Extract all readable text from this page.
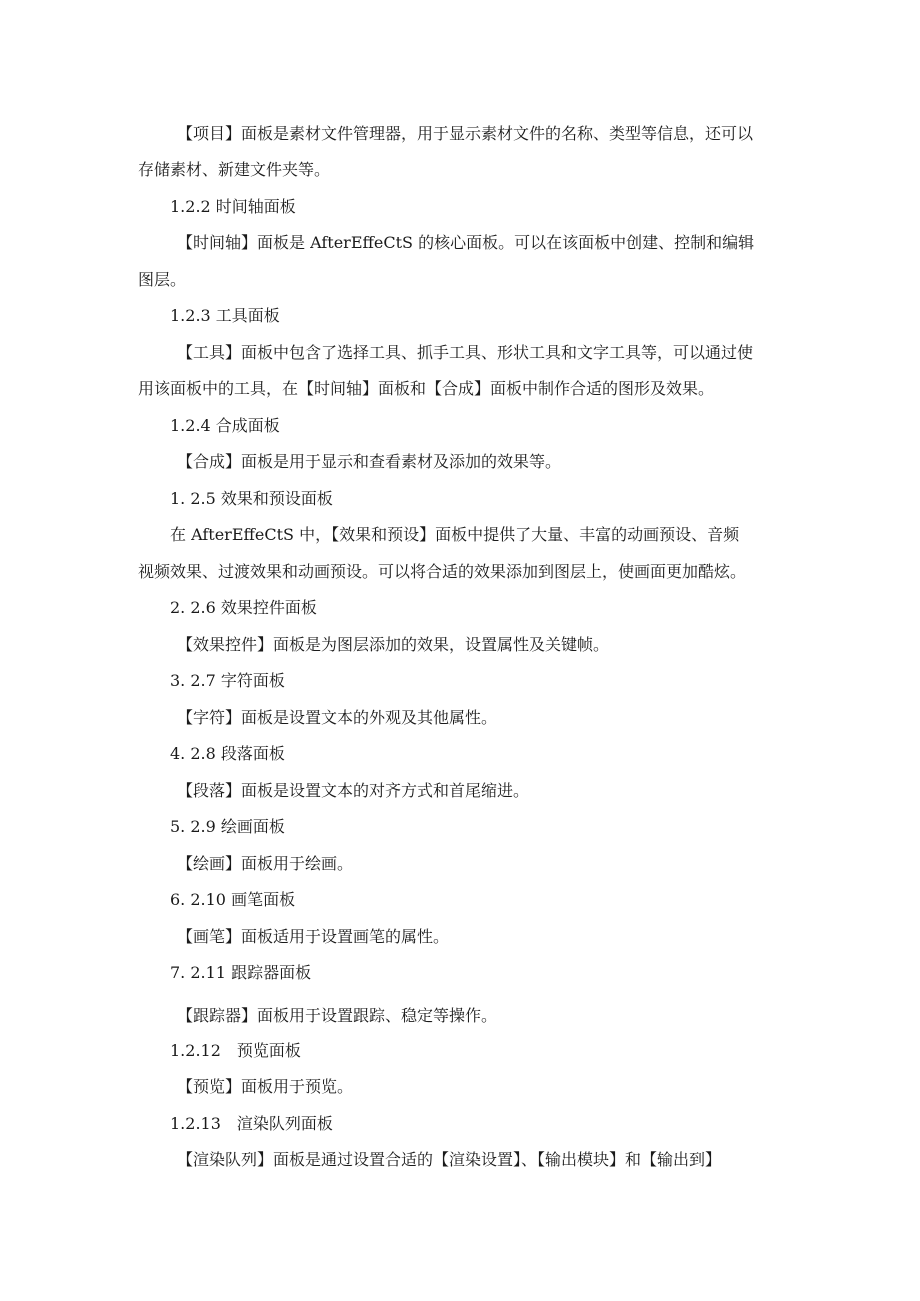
【项目】面板是素材文件管理器，用于显示素材文件的名称、类型等信息，还可以
存储素材、新建文件夹等。
1.2.2 时间轴面板
【时间轴】面板是 AfterEffeCtS 的核心面板。可以在该面板中创建、控制和编辑
图层。
1.2.3 工具面板
【工具】面板中包含了选择工具、抓手工具、形状工具和文字工具等，可以通过使
用该面板中的工具，在【时间轴】面板和【合成】面板中制作合适的图形及效果。
1.2.4 合成面板
【合成】面板是用于显示和查看素材及添加的效果等。
1. 2.5 效果和预设面板
在 AfterEffeCtS 中，【效果和预设】面板中提供了大量、丰富的动画预设、音频
视频效果、过渡效果和动画预设。可以将合适的效果添加到图层上，使画面更加酷炫。
2. 2.6 效果控件面板
【效果控件】面板是为图层添加的效果，设置属性及关键帧。
3. 2.7 字符面板
【字符】面板是设置文本的外观及其他属性。
4. 2.8 段落面板
【段落】面板是设置文本的对齐方式和首尾缩进。
5. 2.9 绘画面板
【绘画】面板用于绘画。
6. 2.10 画笔面板
【画笔】面板适用于设置画笔的属性。
7. 2.11 跟踪器面板
【跟踪器】面板用于设置跟踪、稳定等操作。
1.2.12　预览面板
【预览】面板用于预览。
1.2.13　渲染队列面板
【渲染队列】面板是通过设置合适的【渲染设置】、【输出模块】和【输出到】
